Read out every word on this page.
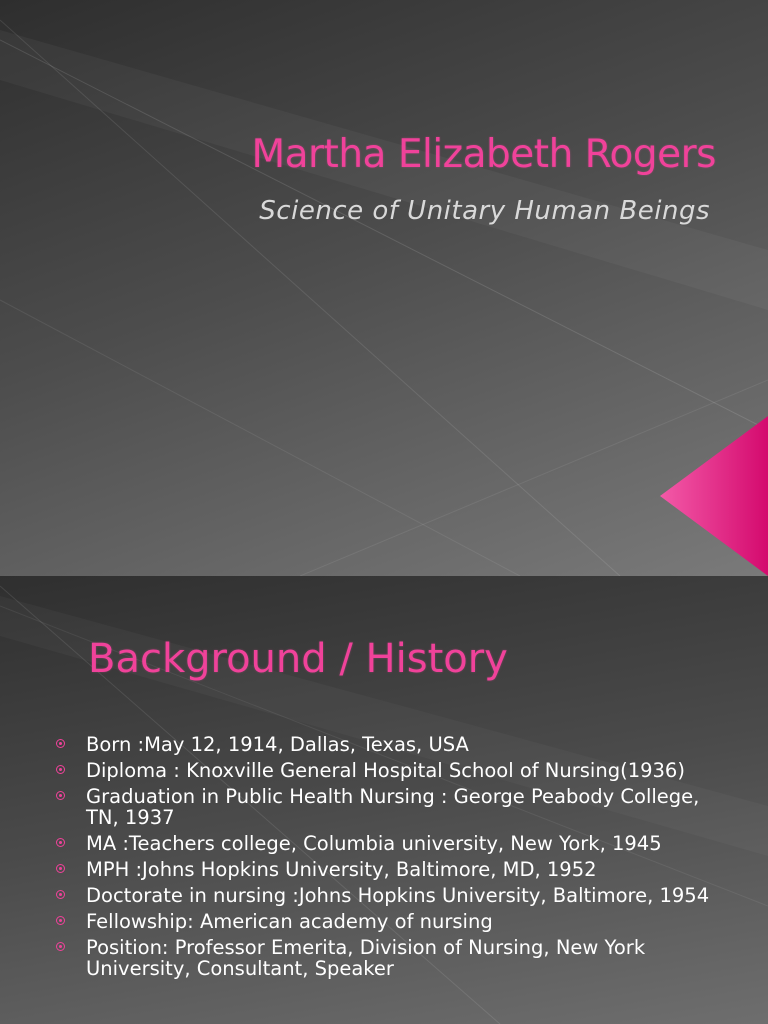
Martha Elizabeth Rogers
Science of Unitary Human Beings
Background / History
Born :May 12, 1914, Dallas, Texas, USA
Diploma : Knoxville General Hospital School of Nursing(1936)
Graduation in Public Health Nursing : George Peabody College, TN, 1937
MA :Teachers college, Columbia university, New York, 1945
MPH :Johns Hopkins University, Baltimore, MD, 1952
Doctorate in nursing :Johns Hopkins University, Baltimore, 1954
Fellowship: American academy of nursing
Position: Professor Emerita, Division of Nursing, New York University, Consultant, Speaker
